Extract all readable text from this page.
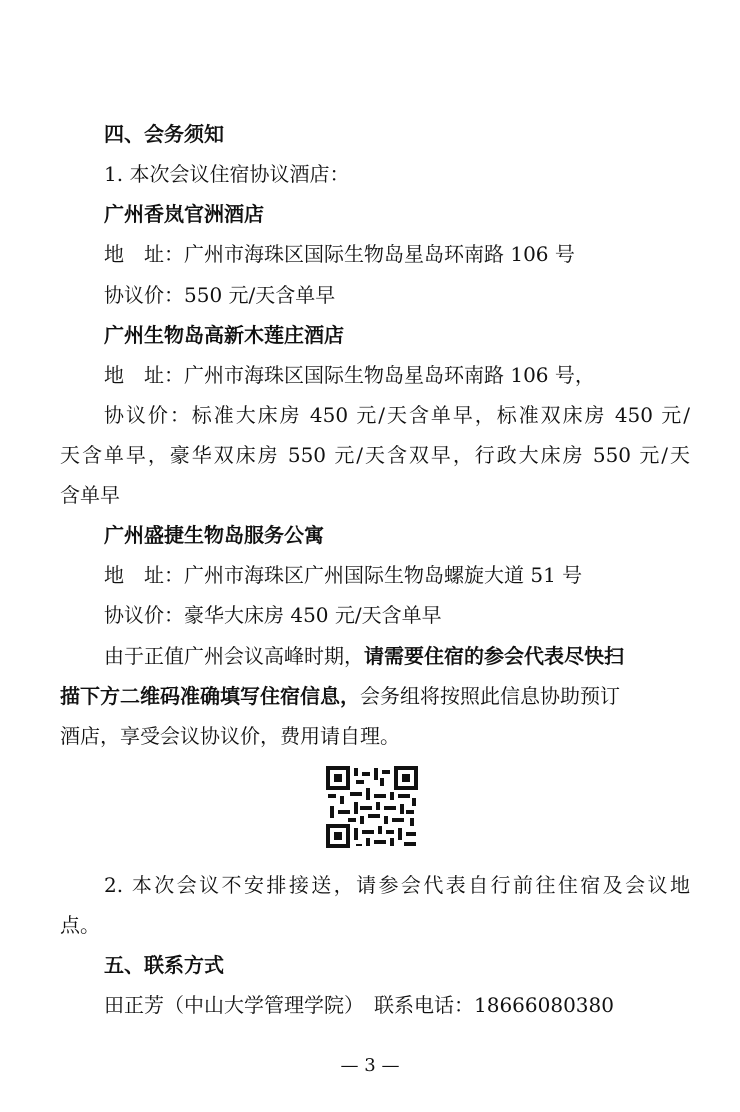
四、会务须知
1. 本次会议住宿协议酒店：
广州香岚官洲酒店
地　址：广州市海珠区国际生物岛星岛环南路 106 号
协议价：550 元/天含单早
广州生物岛高新木莲庄酒店
地　址：广州市海珠区国际生物岛星岛环南路 106 号，
协议价：标准大床房 450 元/天含单早，标准双床房 450 元/
天含单早，豪华双床房 550 元/天含双早，行政大床房 550 元/天
含单早
广州盛捷生物岛服务公寓
地　址：广州市海珠区广州国际生物岛螺旋大道 51 号
协议价：豪华大床房 450 元/天含单早
由于正值广州会议高峰时期，请需要住宿的参会代表尽快扫
描下方二维码准确填写住宿信息，会务组将按照此信息协助预订
酒店，享受会议协议价，费用请自理。
2. 本次会议不安排接送，请参会代表自行前往住宿及会议地
点。
五、联系方式
田正芳（中山大学管理学院）　联系电话：18666080380
— 3 —
